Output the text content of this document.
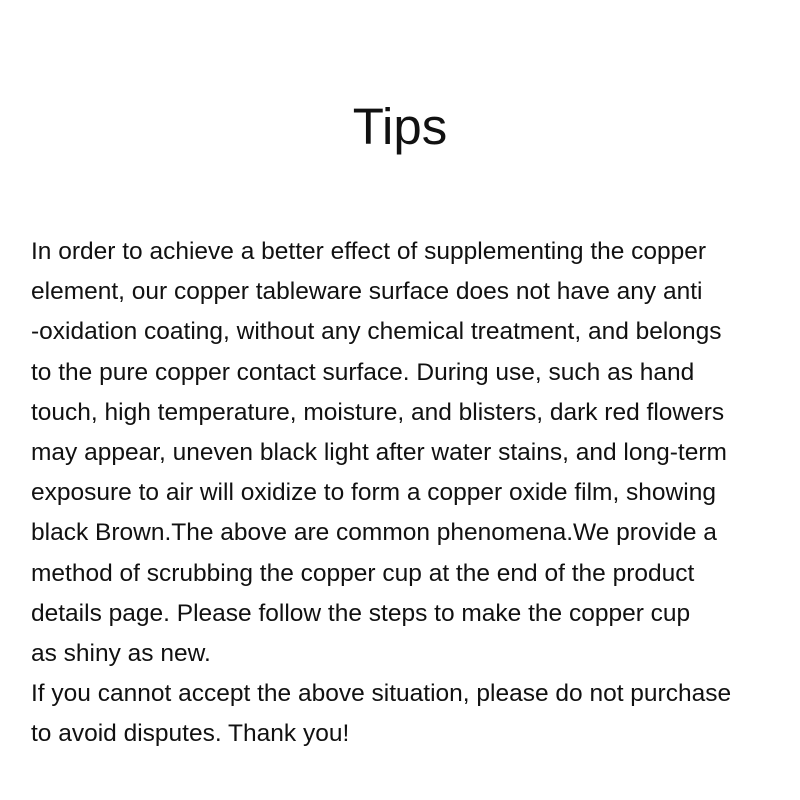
Tips
In order to achieve a better effect of supplementing the copper
element, our copper tableware surface does not have any anti
-oxidation coating, without any chemical treatment, and belongs
to the pure copper contact surface. During use, such as hand
touch, high temperature, moisture, and blisters, dark red flowers
may appear, uneven black light after water stains, and long-term
exposure to air will oxidize to form a copper oxide film, showing
black Brown.The above are common phenomena.We provide a
method of scrubbing the copper cup at the end of the product
details page. Please follow the steps to make the copper cup
as shiny as new.
If you cannot accept the above situation, please do not purchase
to avoid disputes. Thank you!
